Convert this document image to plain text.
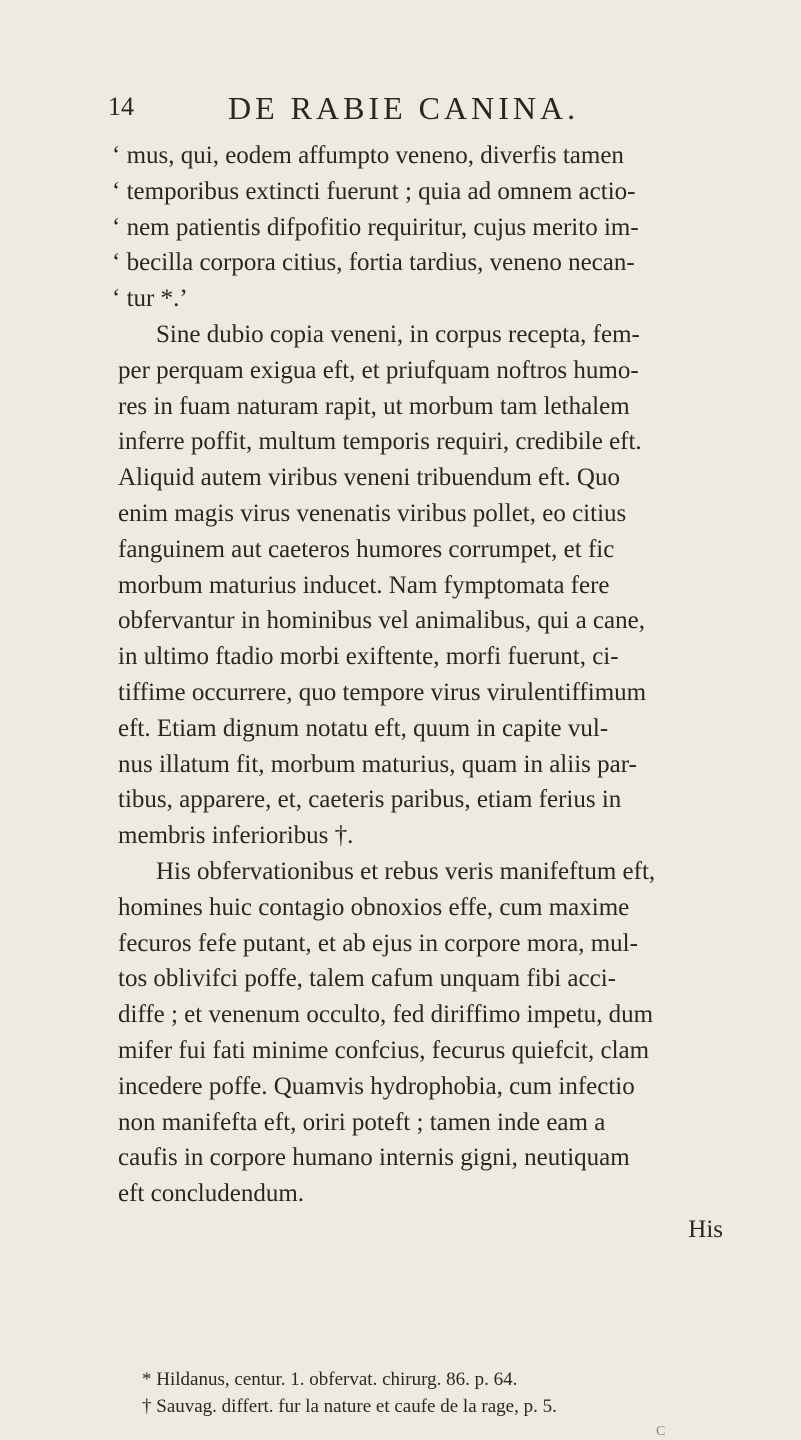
14	DE RABIE CANINA.
‘ mus, qui, eodem affumpto veneno, diverfis tamen
‘ temporibus extincti fuerunt ; quia ad omnem actio-
‘ nem patientis difpofitio requiritur, cujus merito im-
‘ becilla corpora citius, fortia tardius, veneno necan-
‘ tur *.’
Sine dubio copia veneni, in corpus recepta, fem-
per perquam exigua eft, et priufquam noftros humo-
res in fuam naturam rapit, ut morbum tam lethalem
inferre poffit, multum temporis requiri, credibile eft.
Aliquid autem viribus veneni tribuendum eft. Quo
enim magis virus venenatis viribus pollet, eo citius
fanguinem aut caeteros humores corrumpet, et fic
morbum maturius inducet. Nam fymptomata fere
obfervantur in hominibus vel animalibus, qui a cane,
in ultimo ftadio morbi exiftente, morfi fuerunt, ci-
tiffime occurrere, quo tempore virus virulentiffimum
eft. Etiam dignum notatu eft, quum in capite vul-
nus illatum fit, morbum maturius, quam in aliis par-
tibus, apparere, et, caeteris paribus, etiam ferius in
membris inferioribus †.
His obfervationibus et rebus veris manifeftum eft,
homines huic contagio obnoxios effe, cum maxime
fecuros fefe putant, et ab ejus in corpore mora, mul-
tos oblivifci poffe, talem cafum unquam fibi acci-
diffe ; et venenum occulto, fed diriffimo impetu, dum
mifer fui fati minime confcius, fecurus quiefcit, clam
incedere poffe. Quamvis hydrophobia, cum infectio
non manifefta eft, oriri poteft ; tamen inde eam a
caufis in corpore humano internis gigni, neutiquam
eft concludendum.
His
* Hildanus, centur. 1. obfervat. chirurg. 86. p. 64.
† Sauvag. differt. fur la nature et caufe de la rage, p. 5.
C
